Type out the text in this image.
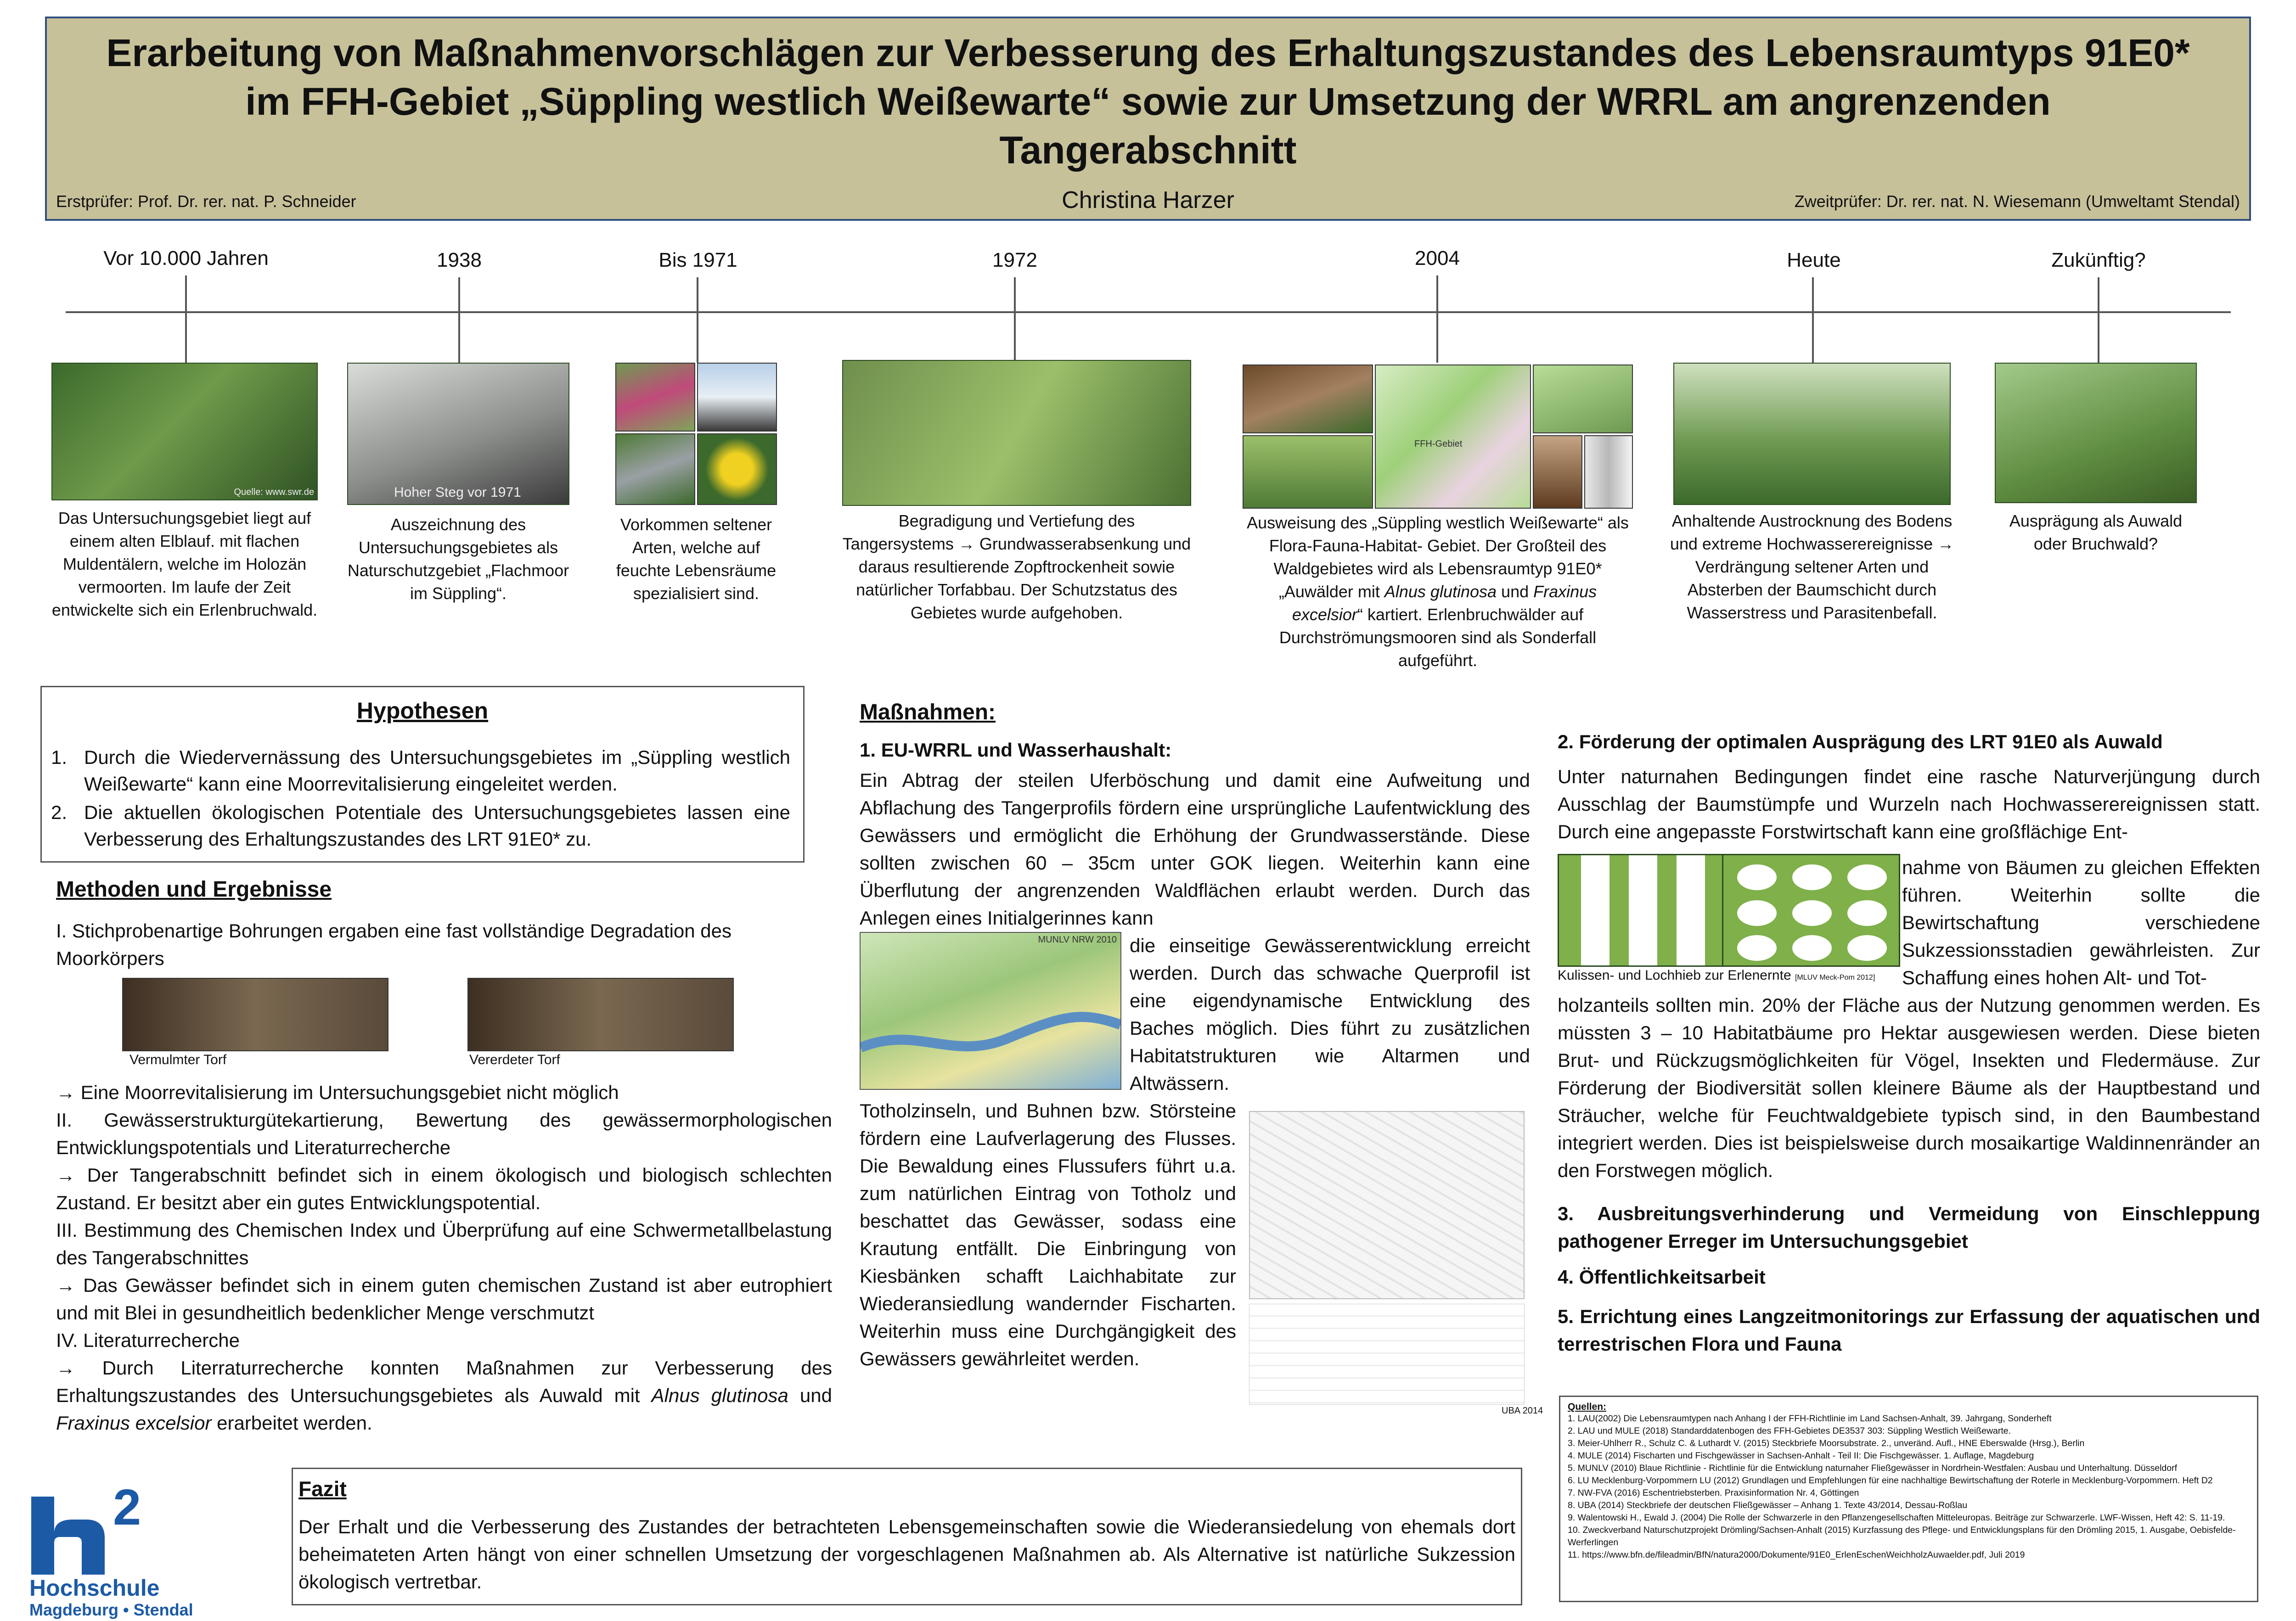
Erarbeitung von Maßnahmenvorschlägen zur Verbesserung des Erhaltungszustandes des Lebensraumtyps 91E0*
im FFH-Gebiet „Süppling westlich Weißewarte“ sowie zur Umsetzung der WRRL am angrenzenden
Tangerabschnitt
Erstprüfer: Prof. Dr. rer. nat. P. Schneider	Christina Harzer	Zweitprüfer: Dr. rer. nat. N. Wiesemann (Umweltamt Stendal)
Vor 10.000 Jahren
Quelle: www.swr.de
Das Untersuchungsgebiet liegt auf einem alten Elblauf. mit flachen Muldentälern, welche im Holozän vermoorten. Im laufe der Zeit entwickelte sich ein Erlenbruchwald.
1938
Hoher Steg vor 1971
Auszeichnung des Untersuchungsgebietes als Naturschutzgebiet „Flachmoor im Süppling“.
Bis 1971
Vorkommen seltener Arten, welche auf feuchte Lebensräume spezialisiert sind.
1972
Begradigung und Vertiefung des Tangersystems → Grundwasserabsenkung und daraus resultierende Zopftrockenheit sowie natürlicher Torfabbau. Der Schutzstatus des Gebietes wurde aufgehoben.
2004
FFH-Gebiet
Ausweisung des „Süppling westlich Weißewarte“ als Flora-Fauna-Habitat- Gebiet. Der Großteil des Waldgebietes wird als Lebensraumtyp 91E0* „Auwälder mit Alnus glutinosa und Fraxinus excelsior“ kartiert. Erlenbruchwälder auf Durchströmungsmooren sind als Sonderfall aufgeführt.
Heute
Anhaltende Austrocknung des Bodens und extreme Hochwasserereignisse → Verdrängung seltener Arten und Absterben der Baumschicht durch Wasserstress und Parasitenbefall.
Zukünftig?
Ausprägung als Auwald oder Bruchwald?
Hypothesen
1. Durch die Wiedervernässung des Untersuchungsgebietes im „Süppling westlich Weißewarte“ kann eine Moorrevitalisierung eingeleitet werden.
2. Die aktuellen ökologischen Potentiale des Untersuchungsgebietes lassen eine Verbesserung des Erhaltungszustandes des LRT 91E0* zu.
Methoden und Ergebnisse
I. Stichprobenartige Bohrungen ergaben eine fast vollständige Degradation des Moorkörpers
Vermulmter Torf	Vererdeter Torf
→ Eine Moorrevitalisierung im Untersuchungsgebiet nicht möglich
II. Gewässerstrukturgütekartierung, Bewertung des gewässermorphologischen Entwicklungspotentials und Literaturrecherche
→ Der Tangerabschnitt befindet sich in einem ökologisch und biologisch schlechten Zustand. Er besitzt aber ein gutes Entwicklungspotential.
III. Bestimmung des Chemischen Index und Überprüfung auf eine Schwermetallbelastung des Tangerabschnittes
→ Das Gewässer befindet sich in einem guten chemischen Zustand ist aber eutrophiert und mit Blei in gesundheitlich bedenklicher Menge verschmutzt
IV. Literaturrecherche
→ Durch Literraturrecherche konnten Maßnahmen zur Verbesserung des Erhaltungszustandes des Untersuchungsgebietes als Auwald mit Alnus glutinosa und Fraxinus excelsior erarbeitet werden.
Maßnahmen:
1. EU-WRRL und Wasserhaushalt:
Ein Abtrag der steilen Uferböschung und damit eine Aufweitung und Abflachung des Tangerprofils fördern eine ursprüngliche Laufentwicklung des Gewässers und ermöglicht die Erhöhung der Grundwasserstände. Diese sollten zwischen 60 – 35cm unter GOK liegen. Weiterhin kann eine Überflutung der angrenzenden Waldflächen erlaubt werden. Durch das Anlegen eines Initialgerinnes kann
MUNLV NRW 2010 die einseitige Gewässerentwicklung erreicht werden. Durch das schwache Querprofil ist eine eigendynamische Entwicklung des Baches möglich. Dies führt zu zusätzlichen Habitatstrukturen wie Altarmen und Altwässern.
Totholzinseln, und Buhnen bzw. Störsteine fördern eine Laufverlagerung des Flusses. Die Bewaldung eines Flussufers führt u.a. zum natürlichen Eintrag von Totholz und beschattet das Gewässer, sodass eine Krautung entfällt. Die Einbringung von Kiesbänken schafft Laichhabitate zur Wiederansiedlung wandernder Fischarten. Weiterhin muss eine Durchgängigkeit des Gewässers gewährleitet werden.
UBA 2014
2. Förderung der optimalen Ausprägung des LRT 91E0 als Auwald
Unter naturnahen Bedingungen findet eine rasche Naturverjüngung durch Ausschlag der Baumstümpfe und Wurzeln nach Hochwasserereignissen statt. Durch eine angepasste Forstwirtschaft kann eine großflächige Ent-
Kulissen- und Lochhieb zur Erlenernte [MLUV Meck-Pom 2012]
nahme von Bäumen zu gleichen Effekten führen. Weiterhin sollte die Bewirtschaftung verschiedene Sukzessionsstadien gewährleisten. Zur Schaffung eines hohen Alt- und Tot-
holzanteils sollten min. 20% der Fläche aus der Nutzung genommen werden. Es müssten 3 – 10 Habitatbäume pro Hektar ausgewiesen werden. Diese bieten Brut- und Rückzugsmöglichkeiten für Vögel, Insekten und Fledermäuse. Zur Förderung der Biodiversität sollen kleinere Bäume als der Hauptbestand und Sträucher, welche für Feuchtwaldgebiete typisch sind, in den Baumbestand integriert werden. Dies ist beispielsweise durch mosaikartige Waldinnenränder an den Forstwegen möglich.
3. Ausbreitungsverhinderung und Vermeidung von Einschleppung pathogener Erreger im Untersuchungsgebiet
4. Öffentlichkeitsarbeit
5. Errichtung eines Langzeitmonitorings zur Erfassung der aquatischen und terrestrischen Flora und Fauna
Fazit
Der Erhalt und die Verbesserung des Zustandes der betrachteten Lebensgemeinschaften sowie die Wiederansiedelung von ehemals dort beheimateten Arten hängt von einer schnellen Umsetzung der vorgeschlagenen Maßnahmen ab. Als Alternative ist natürliche Sukzession ökologisch vertretbar.
Quellen:
1. LAU(2002) Die Lebensraumtypen nach Anhang I der FFH-Richtlinie im Land Sachsen-Anhalt, 39. Jahrgang, Sonderheft
2. LAU und MULE (2018) Standarddatenbogen des FFH-Gebietes DE3537 303: Süppling Westlich Weißewarte.
3. Meier-Uhlherr R., Schulz C. & Luthardt V. (2015) Steckbriefe Moorsubstrate. 2., unveränd. Aufl., HNE Eberswalde (Hrsg.), Berlin
4. MULE (2014) Fischarten und Fischgewässer in Sachsen-Anhalt - Teil II: Die Fischgewässer. 1. Auflage, Magdeburg
5. MUNLV (2010) Blaue Richtlinie - Richtlinie für die Entwicklung naturnaher Fließgewässer in Nordrhein-Westfalen: Ausbau und Unterhaltung. Düsseldorf
6. LU Mecklenburg-Vorpommern LU (2012) Grundlagen und Empfehlungen für eine nachhaltige Bewirtschaftung der Roterle in Mecklenburg-Vorpommern. Heft D2
7. NW-FVA (2016) Eschentriebsterben. Praxisinformation Nr. 4, Göttingen
8. UBA (2014) Steckbriefe der deutschen Fließgewässer – Anhang 1. Texte 43/2014, Dessau-Roßlau
9. Walentowski H., Ewald J. (2004) Die Rolle der Schwarzerle in den Pflanzengesellschaften Mitteleuropas. Beiträge zur Schwarzerle. LWF-Wissen, Heft 42: S. 11-19.
10. Zweckverband Naturschutzprojekt Drömling/Sachsen-Anhalt (2015) Kurzfassung des Pflege- und Entwicklungsplans für den Drömling 2015, 1. Ausgabe, Oebisfelde-Werferlingen
11. https://www.bfn.de/fileadmin/BfN/natura2000/Dokumente/91E0_ErlenEschenWeichholzAuwaelder.pdf, Juli 2019
2
Hochschule
Magdeburg • Stendal
